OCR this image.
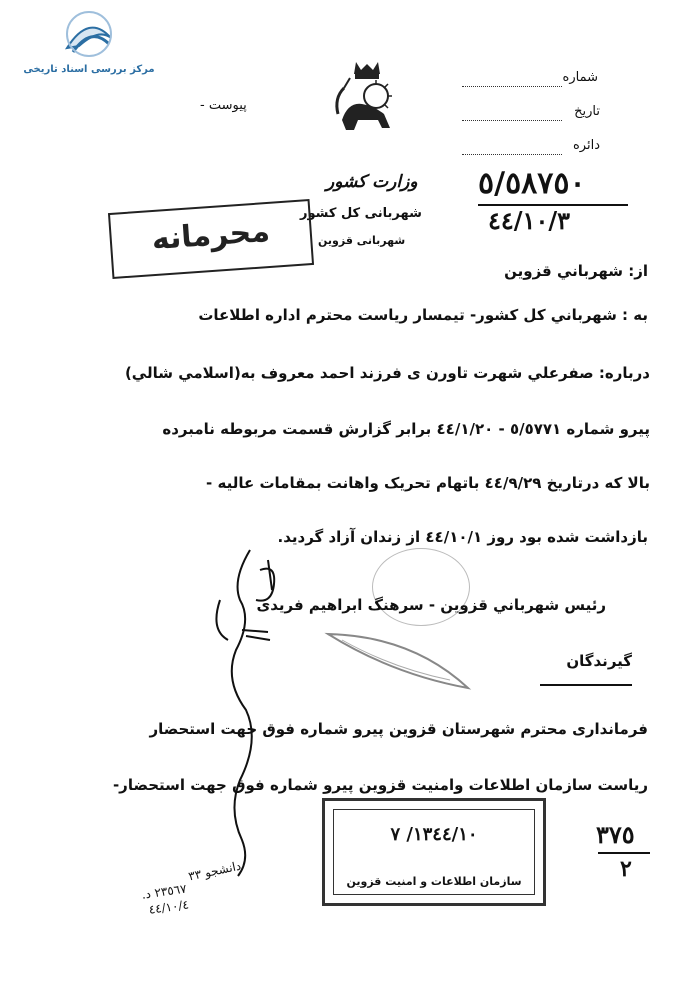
مرکز بررسی اسناد تاریخی
شماره
تاریخ
دائره
پیوست -
وزارت کشور
شهربانی کل کشور
شهربانی قزوین
محرمانه
٥/٥٨٧٥٠
٤٤/١٠/٣
از: شهرباني قزوين
به : شهرباني کل کشور- تيمسار رياست محترم اداره اطلاعات
درباره: صفرعلي شهرت تاورن ى فرزند احمد معروف به(اسلامي شالي)
پيرو شماره ٥/٥٧٧١ - ٤٤/١/٢٠ برابر گزارش قسمت مربوطه نامبرده
بالا که درتاريخ ٤٤/٩/٢٩ باتهام تحريک واهانت بمقامات عاليه -
بازداشت شده بود روز ٤٤/١٠/١ از زندان آزاد گرديد.
رئيس شهرباني قزوين - سرهنگ ابراهيم فريدى
گيرندگان
فرمانداری محترم شهرستان قزوين پيرو شماره فوق جهت استحضار
رياست سازمان اطلاعات وامنيت قزوين پيرو شماره فوق جهت استحضار-
١٣٤٤/١٠/ ٧
سازمان اطلاعات و امنيت قزوين
٣٧٥
٢
٢٣٥٦٧ د. ٤٤/١٠/٤
دانشجو ٣٣
